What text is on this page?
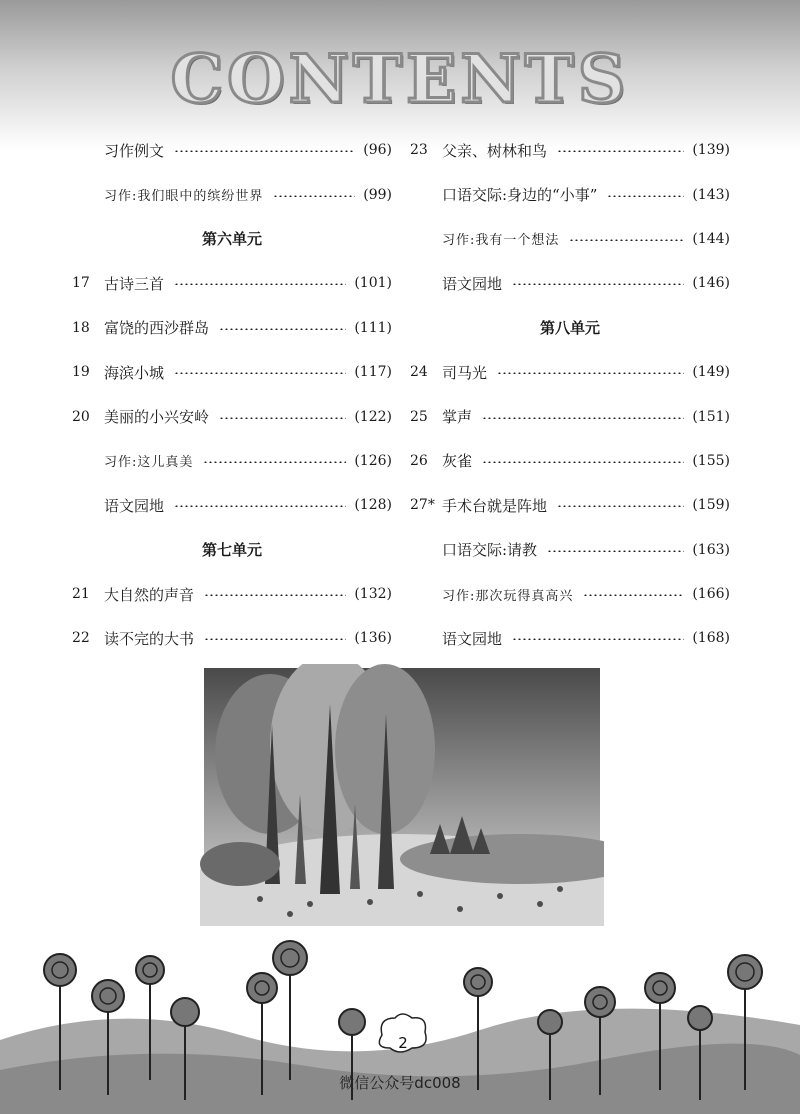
CONTENTS
习作例文	(96)
习作:我们眼中的缤纷世界	(99)
第六单元
17 古诗三首	(101)
18 富饶的西沙群岛	(111)
19 海滨小城	(117)
20 美丽的小兴安岭	(122)
习作:这儿真美	(126)
语文园地	(128)
第七单元
21 大自然的声音	(132)
22 读不完的大书	(136)
23 父亲、树林和鸟	(139)
口语交际:身边的“小事”	(143)
习作:我有一个想法	(144)
语文园地	(146)
第八单元
24 司马光	(149)
25 掌声	(151)
26 灰雀	(155)
27* 手术台就是阵地	(159)
口语交际:请教	(163)
习作:那次玩得真高兴	(166)
语文园地	(168)
2
微信公众号dc008
